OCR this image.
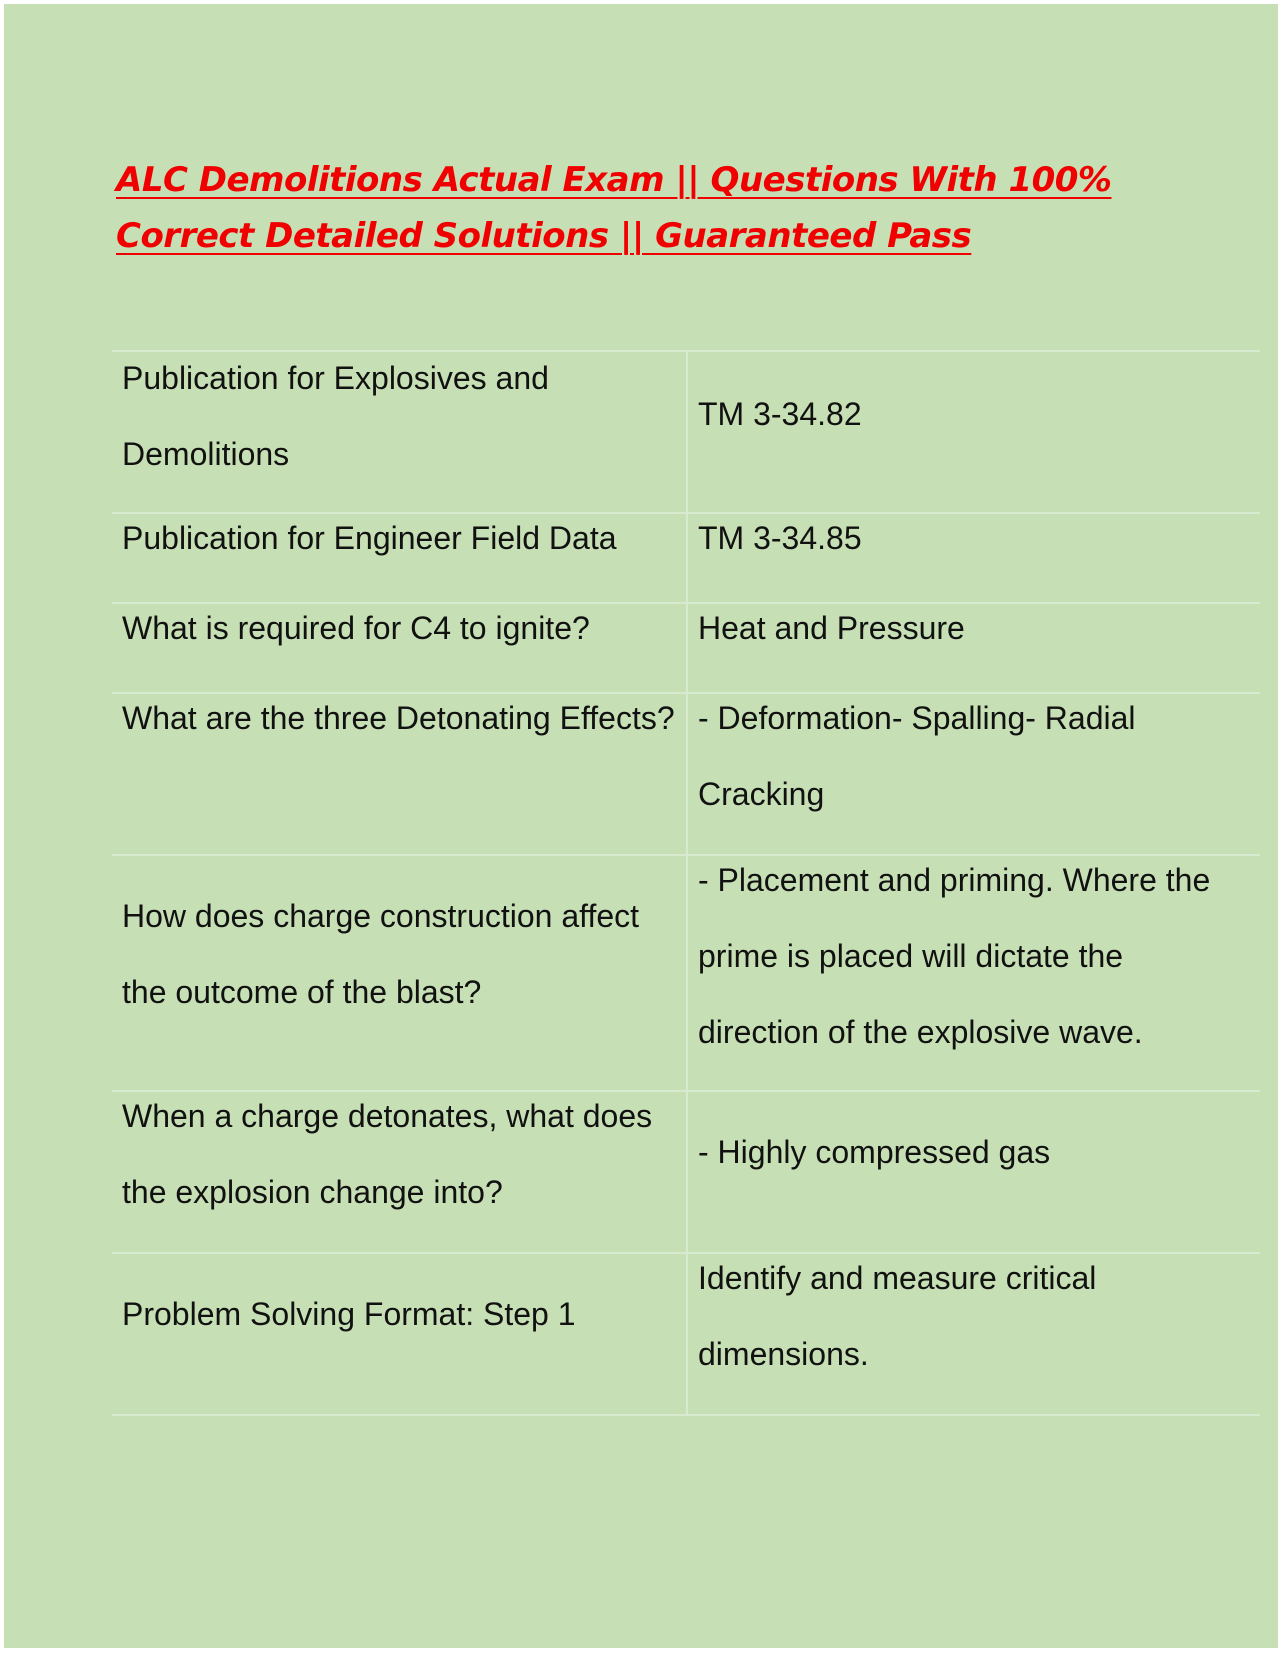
ALC Demolitions Actual Exam || Questions With 100%
Correct Detailed Solutions || Guaranteed Pass
Publication for Explosives and Demolitions	TM 3-34.82

Publication for Engineer Field Data	TM 3-34.85

What is required for C4 to ignite?	Heat and Pressure

What are the three Detonating Effects?	- Deformation- Spalling- Radial Cracking

How does charge construction affect the outcome of the blast?	- Placement and priming. Where the prime is placed will dictate the direction of the explosive wave.

When a charge detonates, what does the explosion change into?	- Highly compressed gas

Problem Solving Format: Step 1	Identify and measure critical dimensions.
